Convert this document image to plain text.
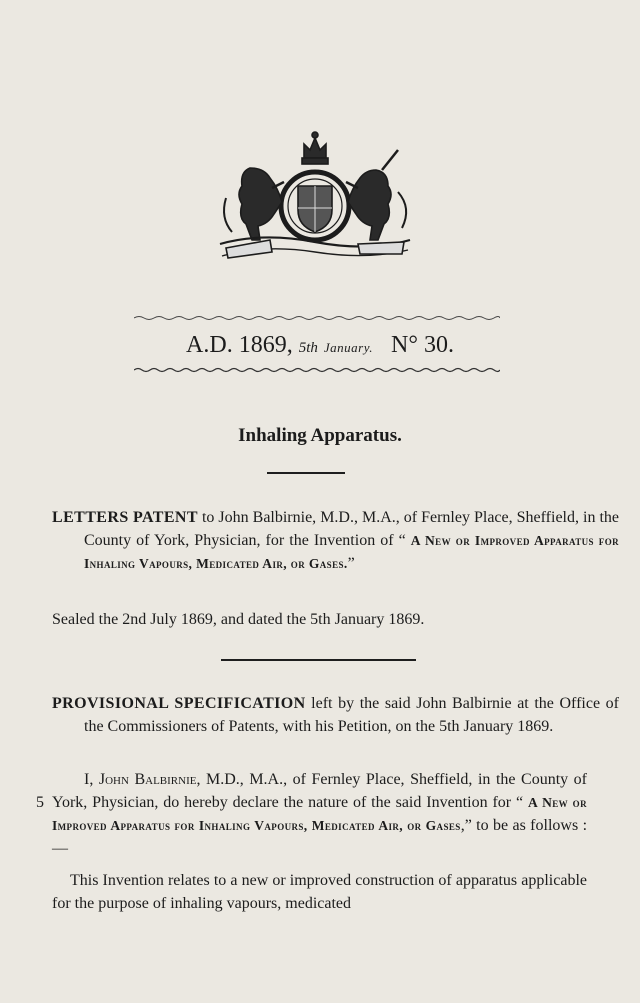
A.D. 1869, 5th January. N° 30.
Inhaling Apparatus.

LETTERS PATENT to John Balbirnie, M.D., M.A., of Fernley Place, Sheffield, in the County of York, Physician, for the Invention of “ A New or Improved Apparatus for Inhaling Vapours, Medicated Air, or Gases.”

Sealed the 2nd July 1869, and dated the 5th January 1869.

PROVISIONAL SPECIFICATION left by the said John Balbirnie at the Office of the Commissioners of Patents, with his Petition, on the 5th January 1869.

I, John Balbirnie, M.D., M.A., of Fernley Place, Sheffield, in the County of York, Physician, do hereby declare the nature of the said Invention for “ A New or Improved Apparatus for Inhaling Vapours, Medicated Air, or Gases,” to be as follows :—

5

This Invention relates to a new or improved construction of apparatus applicable for the purpose of inhaling vapours, medicated
